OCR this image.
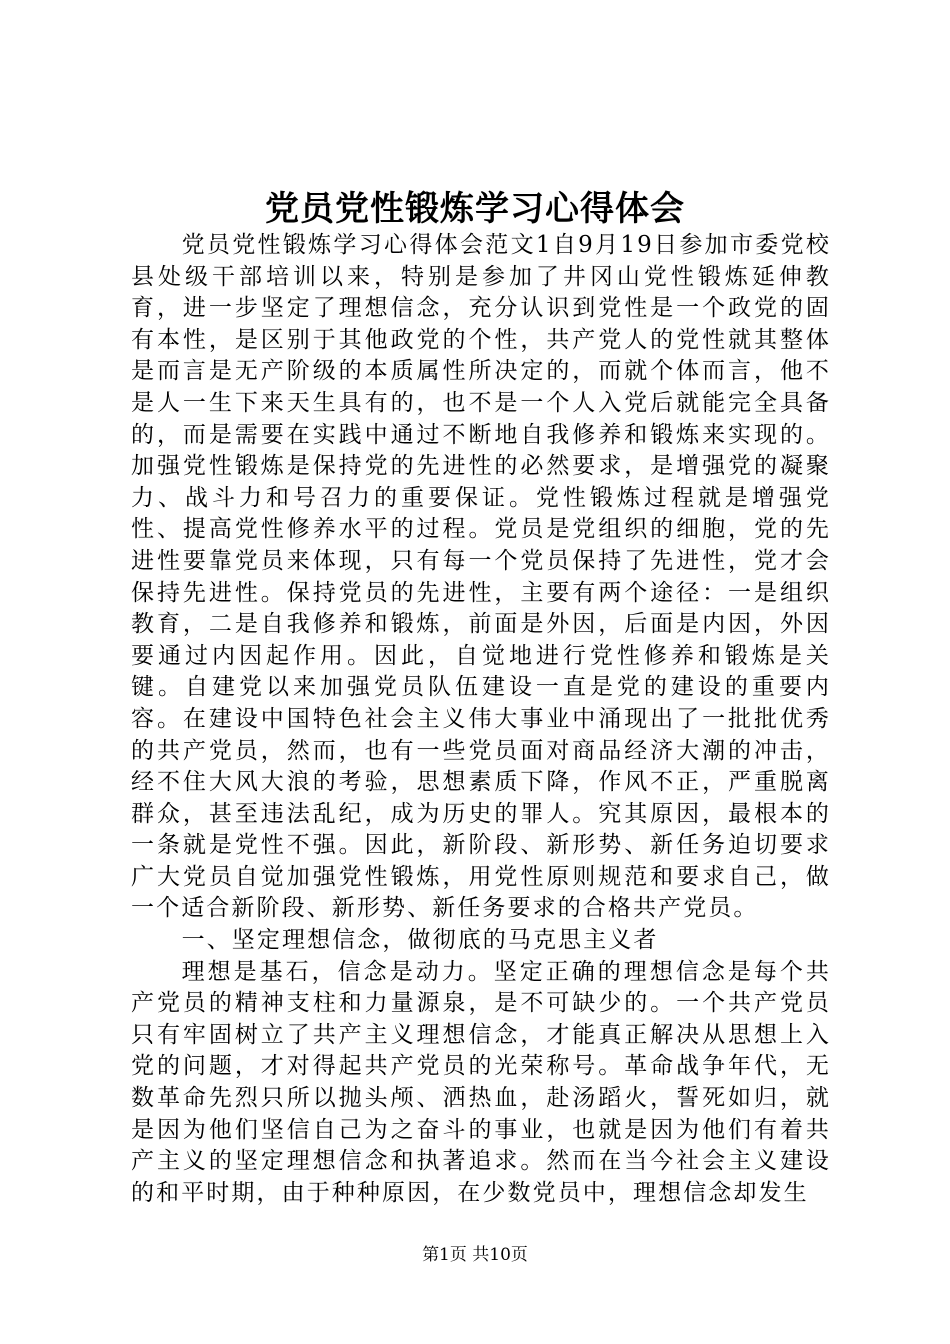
党员党性锻炼学习心得体会

党员党性锻炼学习心得体会范文1自9月19日参加市委党校县处级干部培训以来，特别是参加了井冈山党性锻炼延伸教育，进一步坚定了理想信念，充分认识到党性是一个政党的固有本性，是区别于其他政党的个性，共产党人的党性就其整体是而言是无产阶级的本质属性所决定的，而就个体而言，他不是人一生下来天生具有的，也不是一个人入党后就能完全具备的，而是需要在实践中通过不断地自我修养和锻炼来实现的。加强党性锻炼是保持党的先进性的必然要求，是增强党的凝聚力、战斗力和号召力的重要保证。党性锻炼过程就是增强党性、提高党性修养水平的过程。党员是党组织的细胞，党的先进性要靠党员来体现，只有每一个党员保持了先进性，党才会保持先进性。保持党员的先进性，主要有两个途径：一是组织教育，二是自我修养和锻炼，前面是外因，后面是内因，外因要通过内因起作用。因此，自觉地进行党性修养和锻炼是关键。自建党以来加强党员队伍建设一直是党的建设的重要内容。在建设中国特色社会主义伟大事业中涌现出了一批批优秀的共产党员，然而，也有一些党员面对商品经济大潮的冲击，经不住大风大浪的考验，思想素质下降，作风不正，严重脱离群众，甚至违法乱纪，成为历史的罪人。究其原因，最根本的一条就是党性不强。因此，新阶段、新形势、新任务迫切要求广大党员自觉加强党性锻炼，用党性原则规范和要求自己，做一个适合新阶段、新形势、新任务要求的合格共产党员。

一、坚定理想信念，做彻底的马克思主义者

理想是基石，信念是动力。坚定正确的理想信念是每个共产党员的精神支柱和力量源泉，是不可缺少的。一个共产党员只有牢固树立了共产主义理想信念，才能真正解决从思想上入党的问题，才对得起共产党员的光荣称号。革命战争年代，无数革命先烈只所以抛头颅、洒热血，赴汤蹈火，誓死如归，就是因为他们坚信自己为之奋斗的事业，也就是因为他们有着共产主义的坚定理想信念和执著追求。然而在当今社会主义建设的和平时期，由于种种原因，在少数党员中，理想信念却发生

第1页 共10页
